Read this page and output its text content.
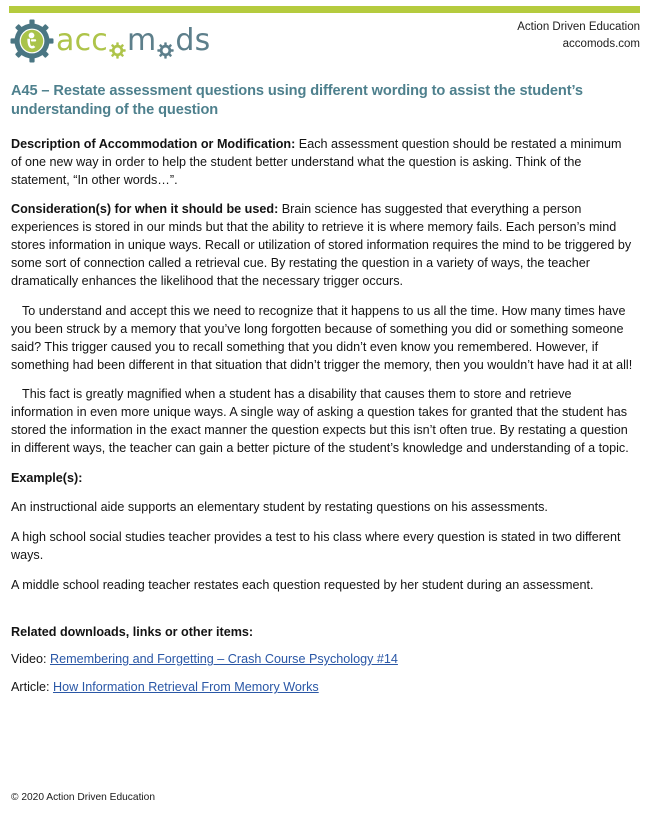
acc m ds	Action Driven Education
accomods.com
A45 – Restate assessment questions using different wording to assist the student’s understanding of the question

Description of Accommodation or Modification: Each assessment question should be restated a minimum of one new way in order to help the student better understand what the question is asking. Think of the statement, “In other words…”.

Consideration(s) for when it should be used: Brain science has suggested that everything a person experiences is stored in our minds but that the ability to retrieve it is where memory fails. Each person’s mind stores information in unique ways. Recall or utilization of stored information requires the mind to be triggered by some sort of connection called a retrieval cue. By restating the question in a variety of ways, the teacher dramatically enhances the likelihood that the necessary trigger occurs.

To understand and accept this we need to recognize that it happens to us all the time. How many times have you been struck by a memory that you’ve long forgotten because of something you did or something someone said? This trigger caused you to recall something that you didn’t even know you remembered. However, if something had been different in that situation that didn’t trigger the memory, then you wouldn’t have had it at all!

This fact is greatly magnified when a student has a disability that causes them to store and retrieve information in even more unique ways. A single way of asking a question takes for granted that the student has stored the information in the exact manner the question expects but this isn’t often true. By restating a question in different ways, the teacher can gain a better picture of the student’s knowledge and understanding of a topic.

Example(s):

An instructional aide supports an elementary student by restating questions on his assessments.

A high school social studies teacher provides a test to his class where every question is stated in two different ways.

A middle school reading teacher restates each question requested by her student during an assessment.

Related downloads, links or other items:
Video: Remembering and Forgetting – Crash Course Psychology #14
Article: How Information Retrieval From Memory Works
© 2020 Action Driven Education
